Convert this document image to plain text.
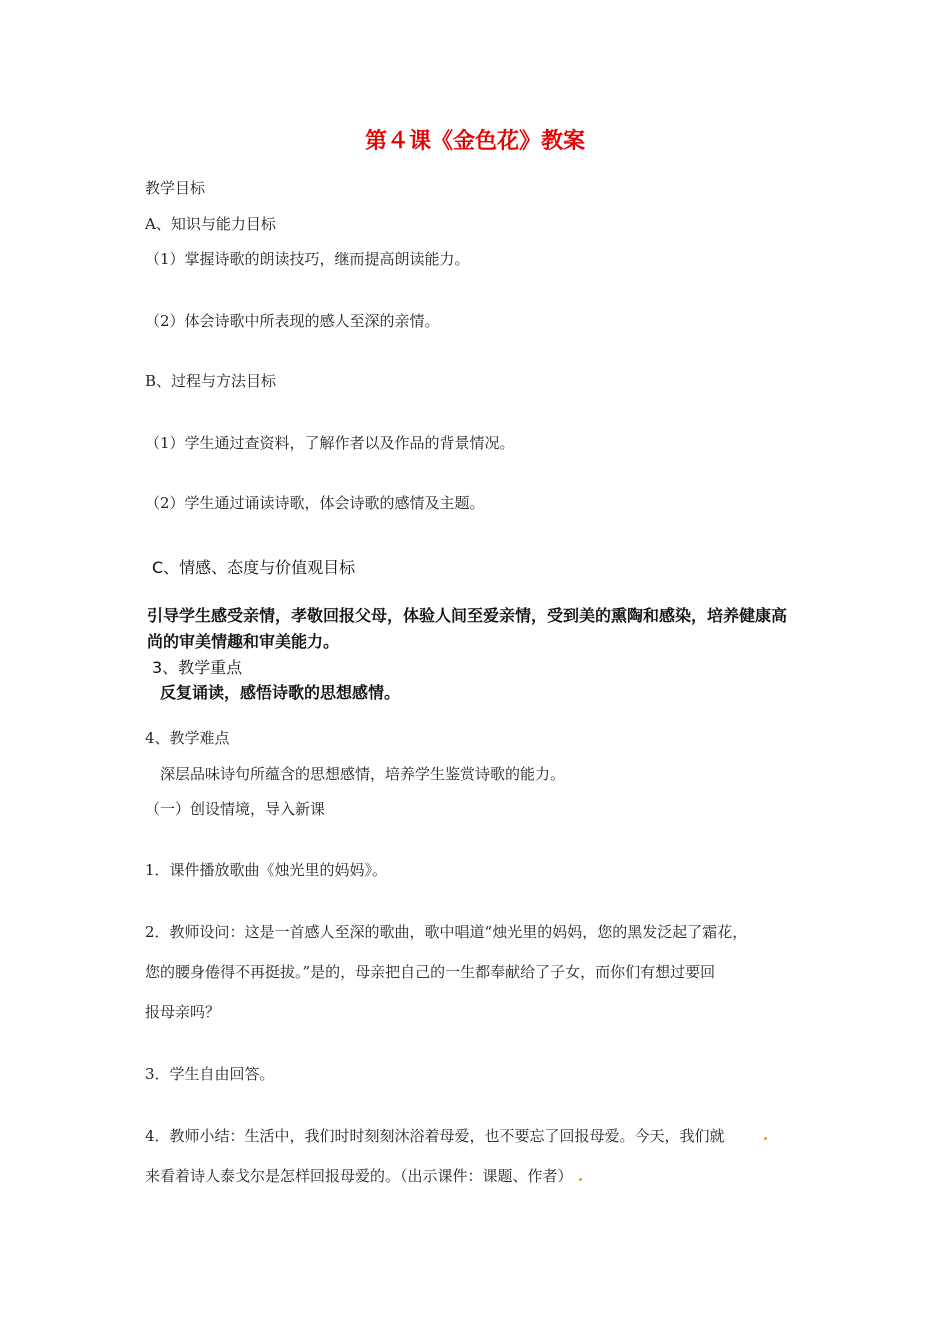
第４课《金色花》教案
教学目标
A、知识与能力目标
（1）掌握诗歌的朗读技巧，继而提高朗读能力。
（2）体会诗歌中所表现的感人至深的亲情。
B、过程与方法目标
（1）学生通过查资料，了解作者以及作品的背景情况。
（2）学生通过诵读诗歌，体会诗歌的感情及主题。
C、情感、态度与价值观目标
引导学生感受亲情，孝敬回报父母，体验人间至爱亲情，受到美的熏陶和感染，培养健康高
尚的审美情趣和审美能力。
3、教学重点
反复诵读，感悟诗歌的思想感情。
4、教学难点
深层品味诗句所蕴含的思想感情，培养学生鉴赏诗歌的能力。
（一）创设情境，导入新课
1．课件播放歌曲《烛光里的妈妈》。
2．教师设问：这是一首感人至深的歌曲，歌中唱道“烛光里的妈妈，您的黑发泛起了霜花，
您的腰身倦得不再挺拔。”是的，母亲把自己的一生都奉献给了子女，而你们有想过要回
报母亲吗？
3．学生自由回答。
4．教师小结：生活中，我们时时刻刻沐浴着母爱，也不要忘了回报母爱。今天，我们就
来看着诗人泰戈尔是怎样回报母爱的。（出示课件：课题、作者）
